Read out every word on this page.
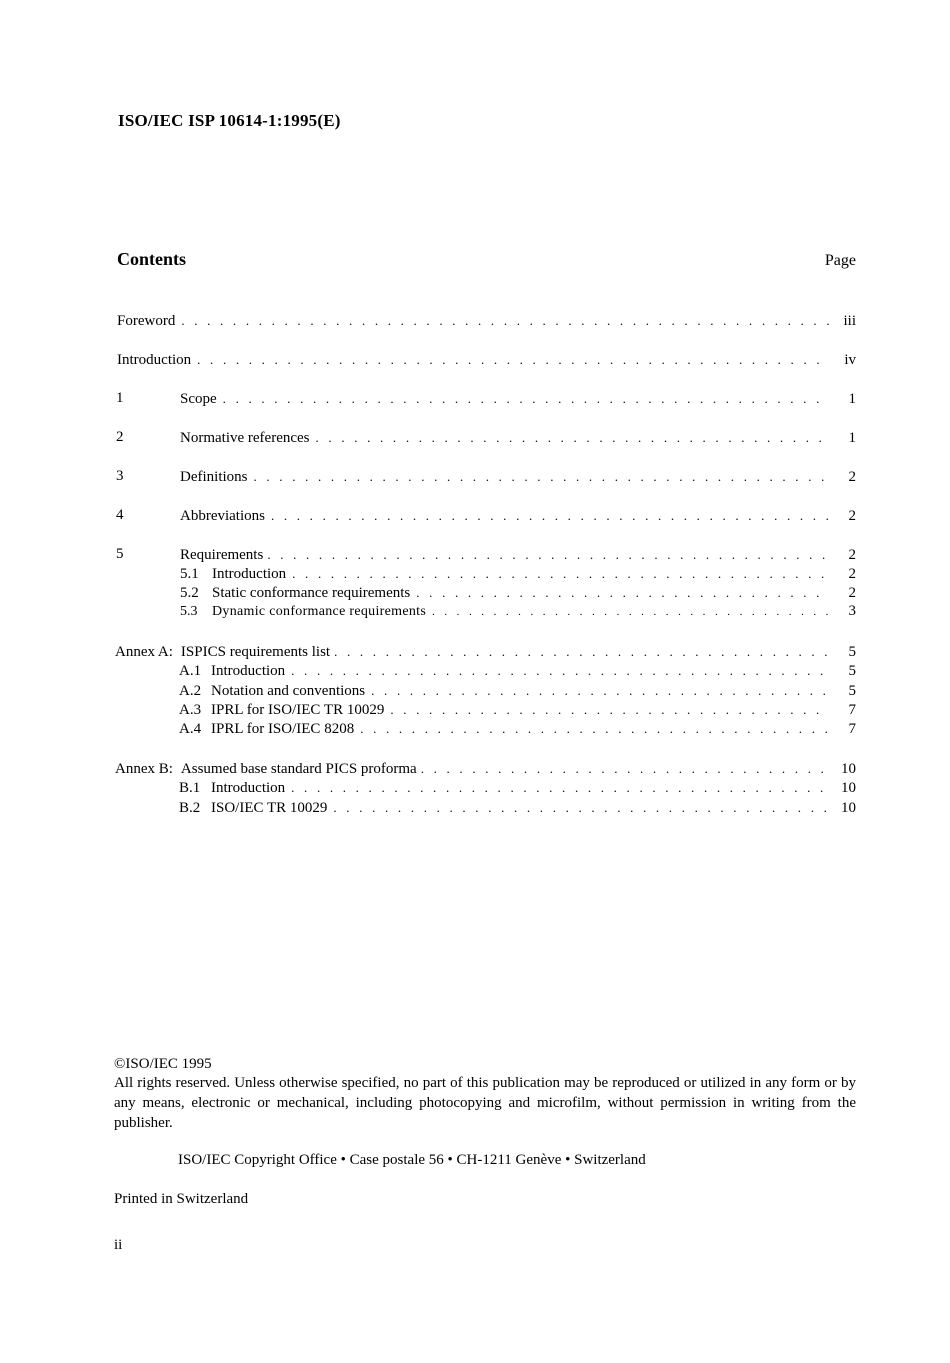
ISO/IEC ISP 10614-1:1995(E)
Contents	Page
Foreword . . .	iii
Introduction . . .	iv
1	Scope . . .	1
2	Normative references . . .	1
3	Definitions . . .	2
4	Abbreviations . . .	2
5	Requirements . . .	2
5.1 Introduction . . .	2
5.2 Static conformance requirements . . .	2
5.3	Dynamic conformance requirements . . .	3
Annex A: ISPICS requirements list . . .	5
A.1 Introduction . . .	5
A.2 Notation and conventions . . .	5
A.3 IPRL for ISO/IEC TR 10029 . . .	7
A.4 IPRL for ISO/IEC 8208 . . .	7
Annex B: Assumed base standard PICS proforma . . .	10
B.1 Introduction . . .	10
B.2 ISO/IEC TR 10029 . . .	10
©ISO/IEC 1995
All rights reserved. Unless otherwise specified, no part of this publication may be reproduced or utilized in any form or by any means, electronic or mechanical, including photocopying and microfilm, without permission in writing from the publisher.
ISO/IEC Copyright Office • Case postale 56 • CH-1211 Genève • Switzerland
Printed in Switzerland
ii
